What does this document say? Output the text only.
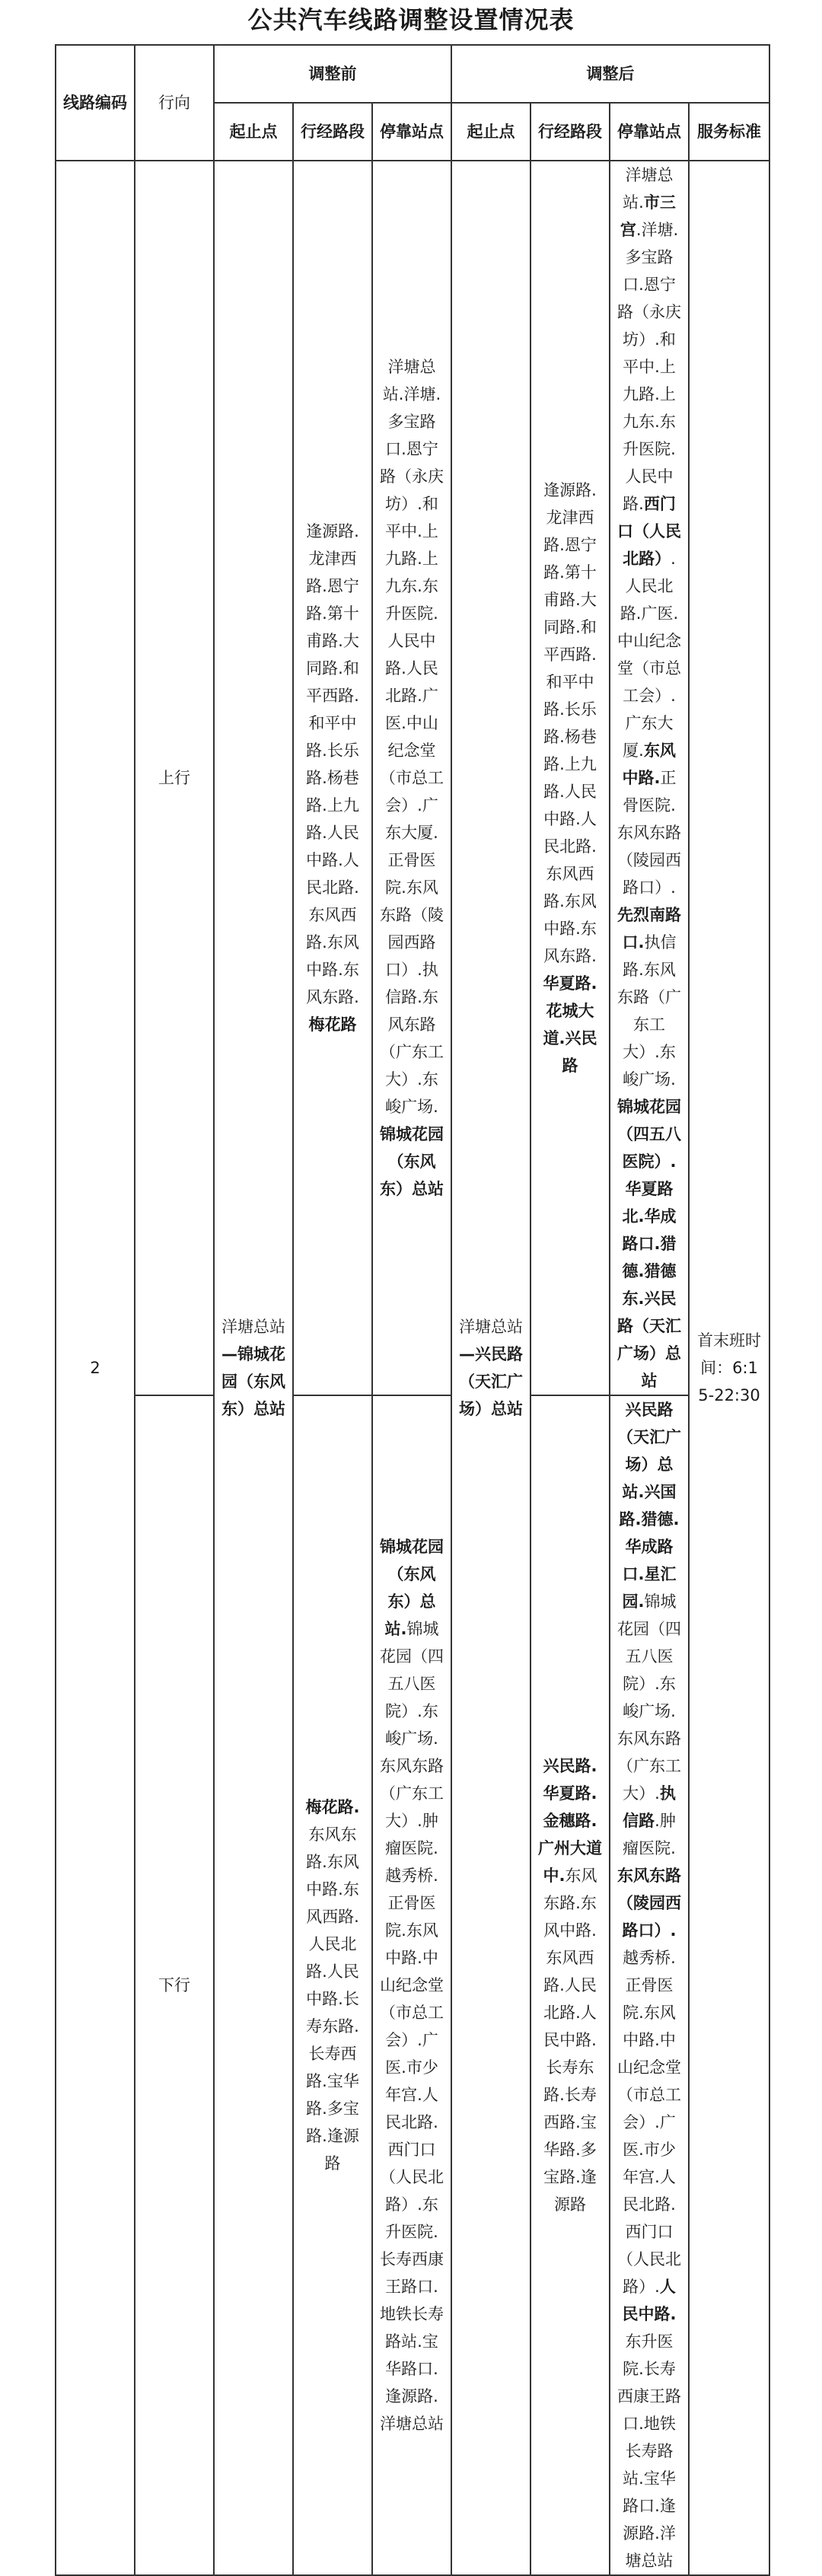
公共汽车线路调整设置情况表
线路编码	行向	调整前			调整后			
		起止点	行经路段	停靠站点	起止点	行经路段	停靠站点	服务标准
2	上行	洋塘总站—锦城花园（东风东）总站	逢源路.龙津西路.恩宁路.第十甫路.大同路.和平西路.和平中路.长乐路.杨巷路.上九路.人民中路.人民北路.东风西路.东风中路.东风东路.梅花路	洋塘总站.洋塘.多宝路口.恩宁路（永庆坊）.和平中.上九路.上九东.东升医院.人民中路.人民北路.广医.中山纪念堂（市总工会）.广东大厦.正骨医院.东风东路（陵园西路口）.执信路.东风东路（广东工大）.东峻广场.锦城花园（东风东）总站	洋塘总站—兴民路（天汇广场）总站	逢源路.龙津西路.恩宁路.第十甫路.大同路.和平西路.和平中路.长乐路.杨巷路.上九路.人民中路.人民北路.东风西路.东风中路.东风东路.华夏路.花城大道.兴民路	洋塘总站.市三宫.洋塘.多宝路口.恩宁路（永庆坊）.和平中.上九路.上九东.东升医院.人民中路.西门口（人民北路）.人民北路.广医.中山纪念堂（市总工会）.广东大厦.东风中路.正骨医院.东风东路（陵园西路口）.先烈南路口.执信路.东风东路（广东工大）.东峻广场.锦城花园（四五八医院）.华夏路北.华成路口.猎德.猎德东.兴民路（天汇广场）总站	首末班时间：6:15-22:30
	下行		梅花路.东风东路.东风中路.东风西路.人民北路.人民中路.长寿东路.长寿西路.宝华路.多宝路.逢源路	锦城花园（东风东）总站.锦城花园（四五八医院）.东峻广场.东风东路（广东工大）.肿瘤医院.越秀桥.正骨医院.东风中路.中山纪念堂（市总工会）.广医.市少年宫.人民北路.西门口（人民北路）.东升医院.长寿西康王路口.地铁长寿路站.宝华路口.逢源路.洋塘总站		兴民路.华夏路.金穗路.广州大道中.东风东路.东风中路.东风西路.人民北路.人民中路.长寿东路.长寿西路.宝华路.多宝路.逢源路	兴民路（天汇广场）总站.兴国路.猎德.华成路口.星汇园.锦城花园（四五八医院）.东峻广场.东风东路（广东工大）.执信路.肿瘤医院.东风东路（陵园西路口）.越秀桥.正骨医院.东风中路.中山纪念堂（市总工会）.广医.市少年宫.人民北路.西门口（人民北路）.人民中路.东升医院.长寿西康王路口.地铁长寿路站.宝华路口.逢源路.洋塘总站	
